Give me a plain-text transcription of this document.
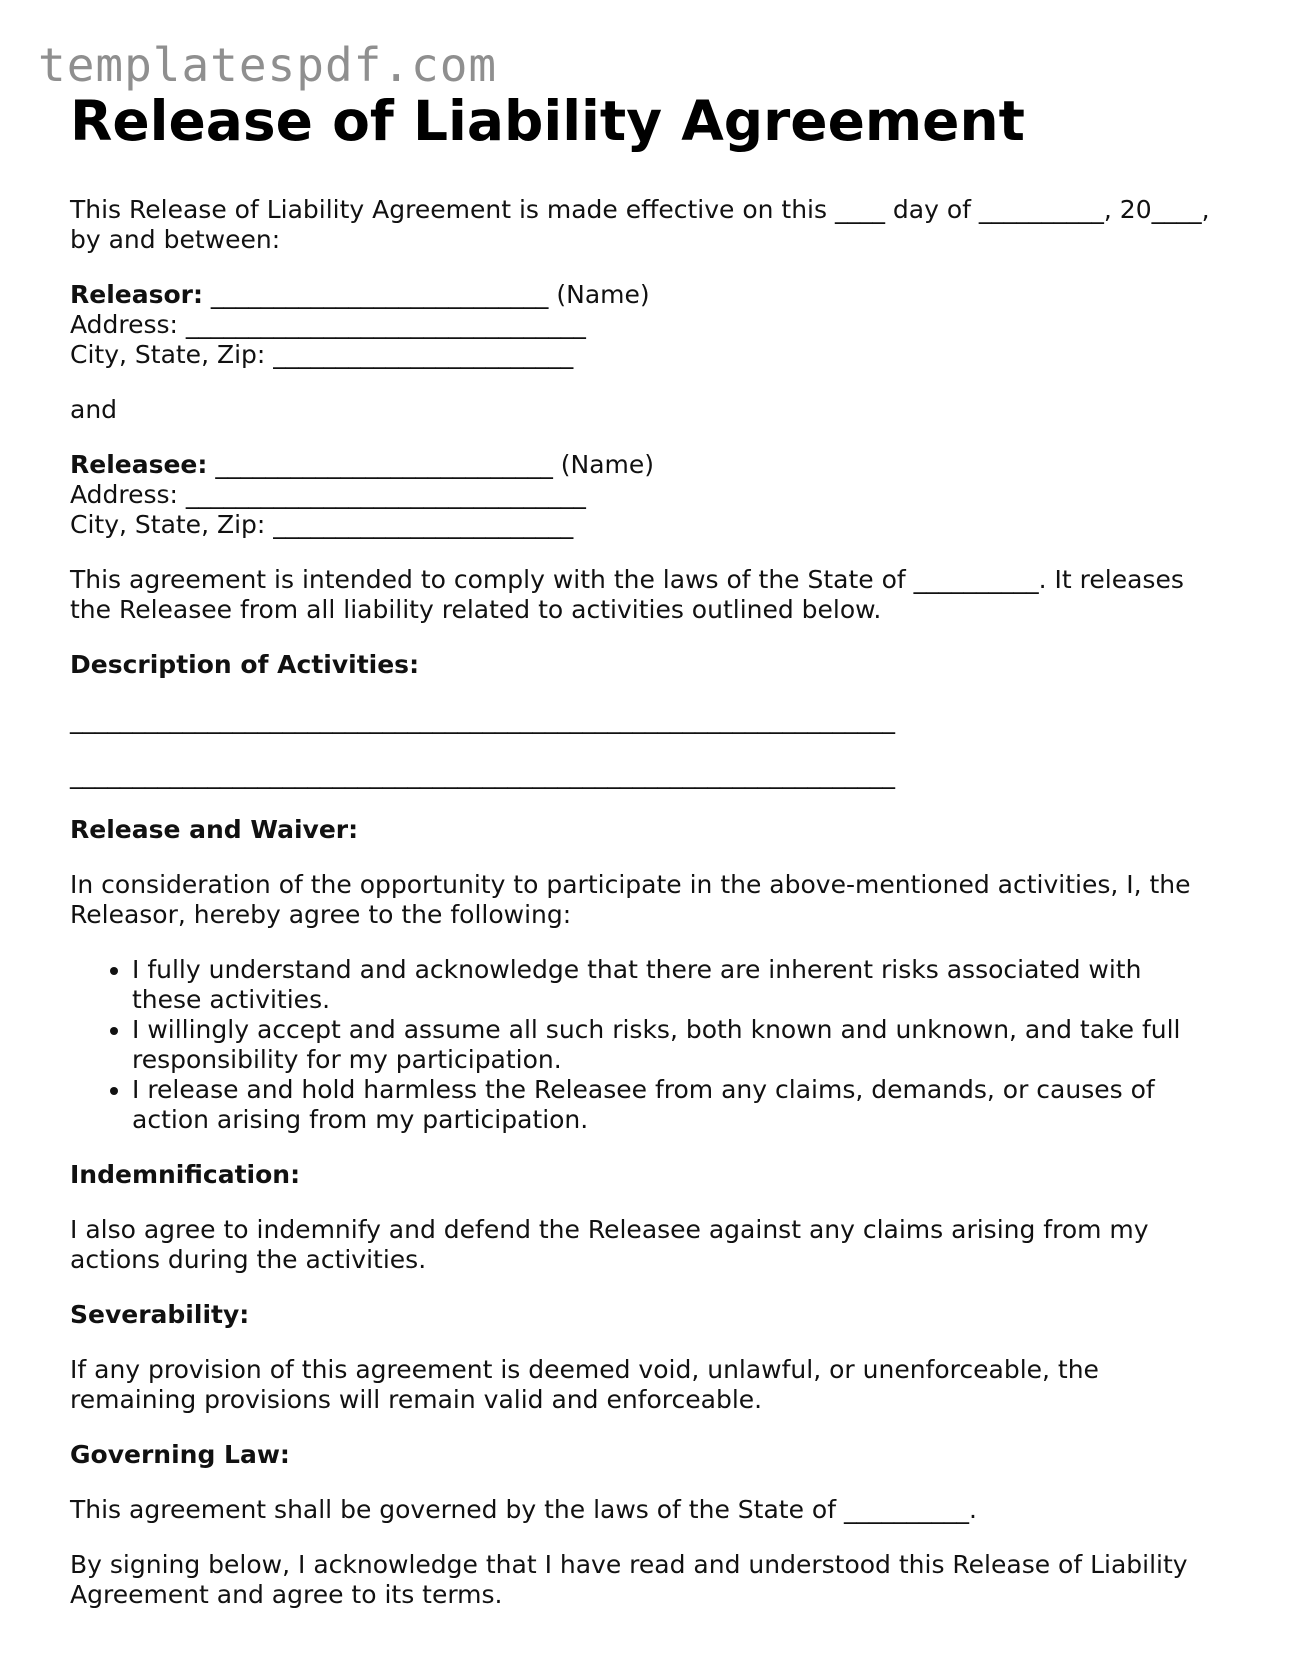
templatespdf.com
Release of Liability Agreement
This Release of Liability Agreement is made effective on this ____ day of __________, 20____,
by and between:
Releasor: ___________________________ (Name)
Address: ________________________________
City, State, Zip: ________________________

and

Releasee: ___________________________ (Name)
Address: ________________________________
City, State, Zip: ________________________
This agreement is intended to comply with the laws of the State of __________. It releases
the Releasee from all liability related to activities outlined below.

Description of Activities:

__________________________________________________________________
__________________________________________________________________

Release and Waiver:

In consideration of the opportunity to participate in the above-mentioned activities, I, the
Releasor, hereby agree to the following:
• I fully understand and acknowledge that there are inherent risks associated with
these activities.
• I willingly accept and assume all such risks, both known and unknown, and take full
responsibility for my participation.
• I release and hold harmless the Releasee from any claims, demands, or causes of
action arising from my participation.

Indemnification:

I also agree to indemnify and defend the Releasee against any claims arising from my
actions during the activities.

Severability:

If any provision of this agreement is deemed void, unlawful, or unenforceable, the
remaining provisions will remain valid and enforceable.

Governing Law:

This agreement shall be governed by the laws of the State of __________.
By signing below, I acknowledge that I have read and understood this Release of Liability
Agreement and agree to its terms.
